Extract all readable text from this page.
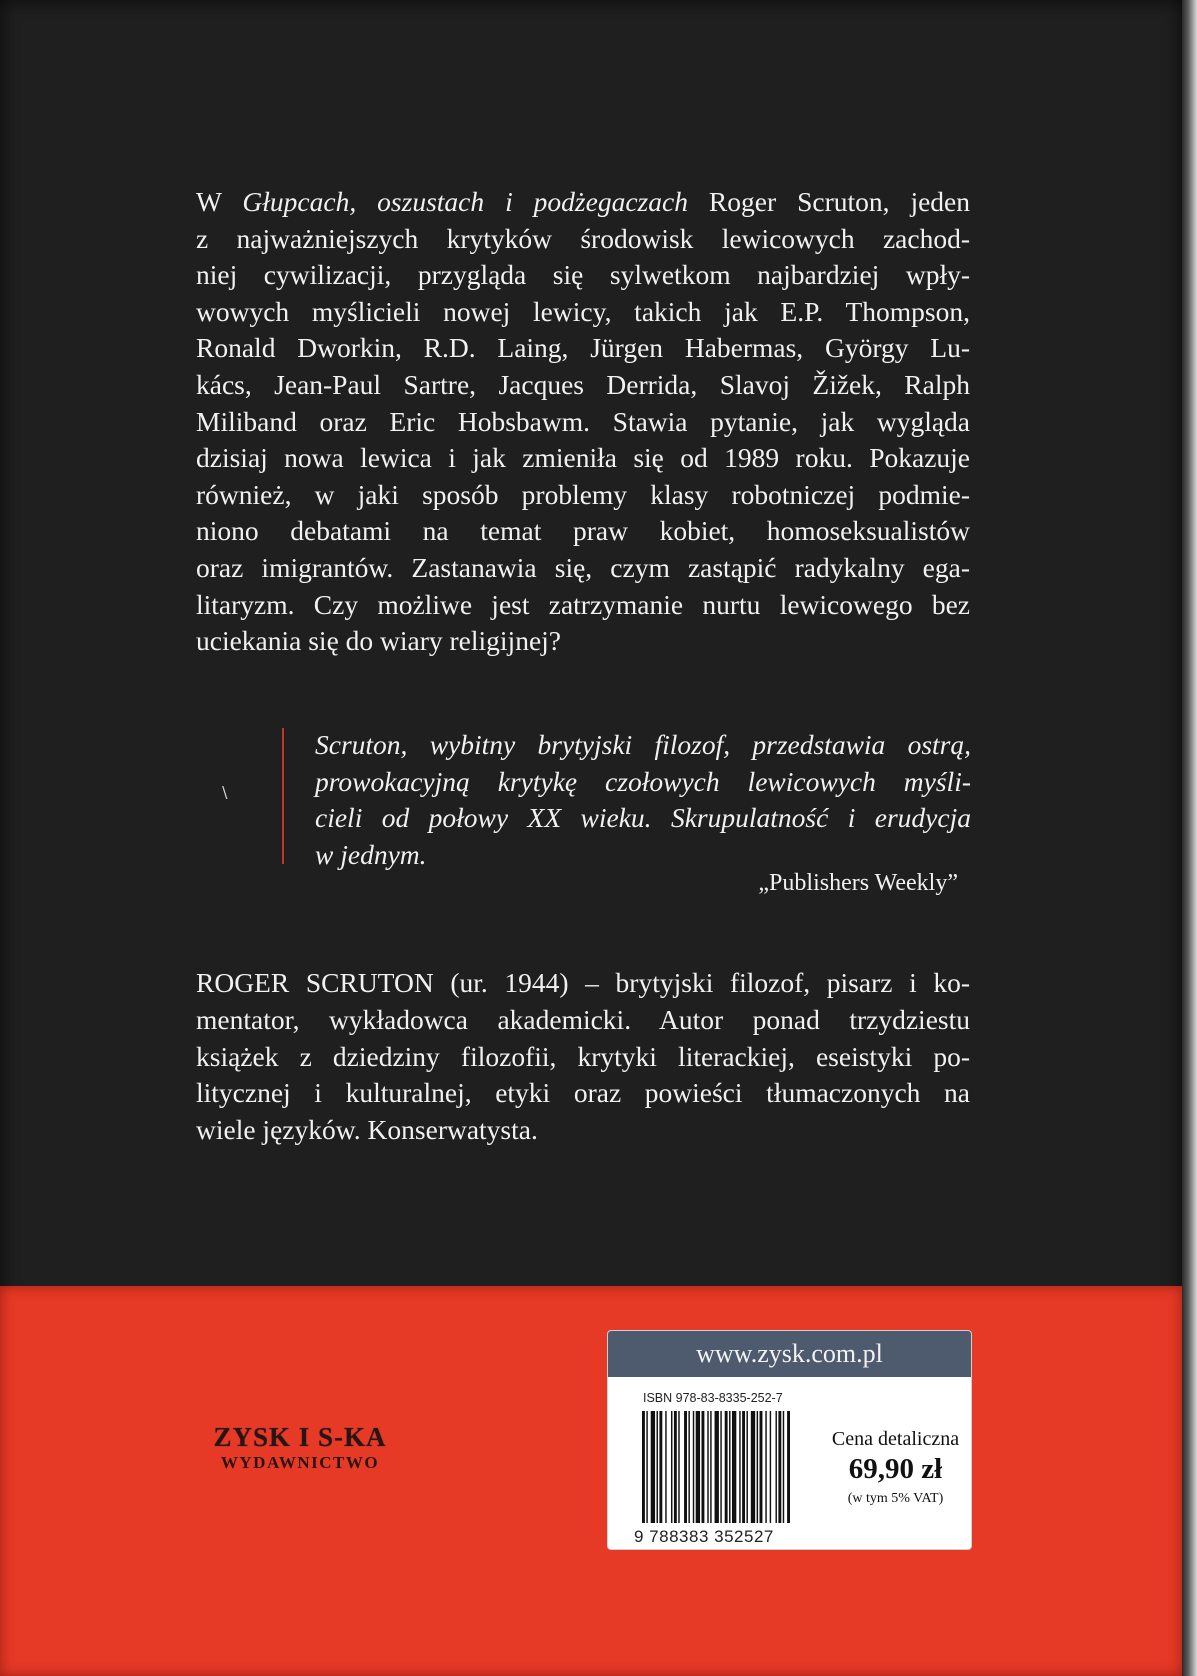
W Głupcach, oszustach i podżegaczach Roger Scruton, jeden
z najważniejszych krytyków środowisk lewicowych zachod-
niej cywilizacji, przygląda się sylwetkom najbardziej wpły-
wowych myślicieli nowej lewicy, takich jak E.P. Thompson,
Ronald Dworkin, R.D. Laing, Jürgen Habermas, György Lu-
kács, Jean-Paul Sartre, Jacques Derrida, Slavoj Žižek, Ralph
Miliband oraz Eric Hobsbawm. Stawia pytanie, jak wygląda
dzisiaj nowa lewica i jak zmieniła się od 1989 roku. Pokazuje
również, w jaki sposób problemy klasy robotniczej podmie-
niono debatami na temat praw kobiet, homoseksualistów
oraz imigrantów. Zastanawia się, czym zastąpić radykalny ega-
litaryzm. Czy możliwe jest zatrzymanie nurtu lewicowego bez
uciekania się do wiary religijnej?
∖
Scruton, wybitny brytyjski filozof, przedstawia ostrą,
prowokacyjną krytykę czołowych lewicowych myśli-
cieli od połowy XX wieku. Skrupulatność i erudycja
w jednym.

„Publishers Weekly”

ROGER SCRUTON (ur. 1944) – brytyjski filozof, pisarz i ko-
mentator, wykładowca akademicki. Autor ponad trzydziestu
książek z dziedziny filozofii, krytyki literackiej, eseistyki po-
litycznej i kulturalnej, etyki oraz powieści tłumaczonych na
wiele języków. Konserwatysta.
ZYSK I S-KA
WYDAWNICTWO
www.zysk.com.pl
ISBN 978-83-8335-252-7
9 788383 352527
Cena detaliczna
69,90 zł
(w tym 5% VAT)
